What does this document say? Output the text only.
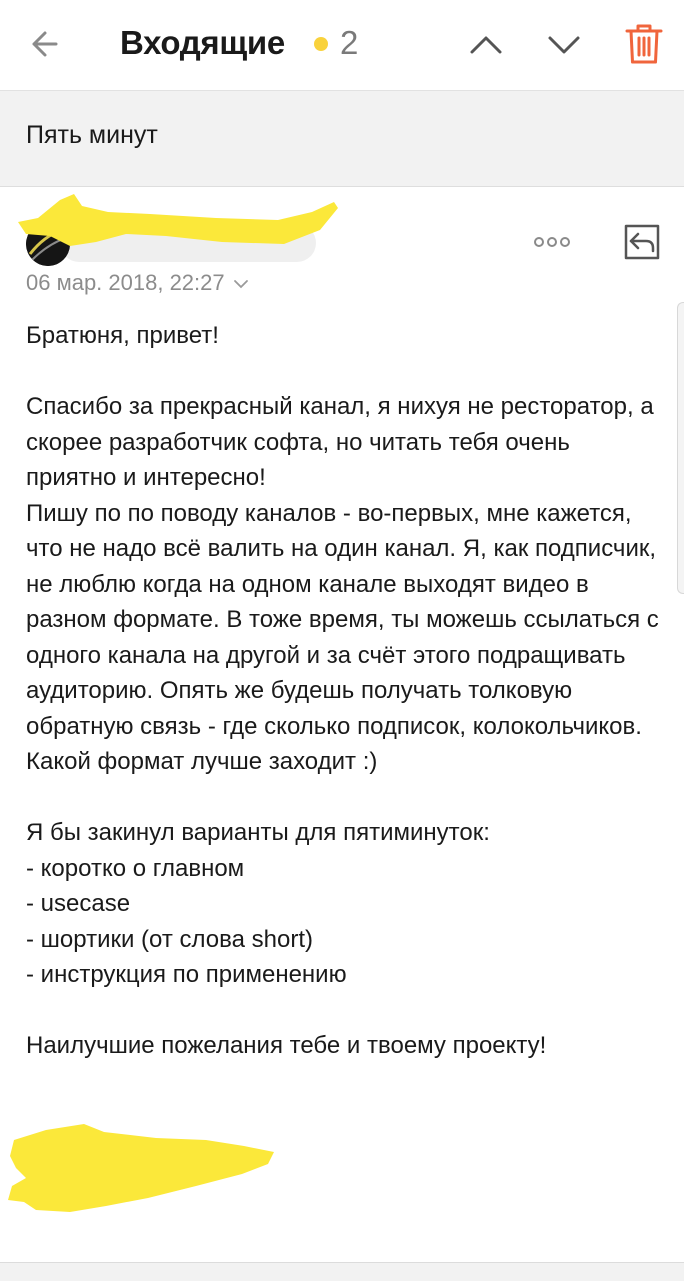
Входящие 2
Пять минут
06 мар. 2018, 22:27

Братюня, привет!

Спасибо за прекрасный канал, я нихуя не ресторатор, а скорее разработчик софта, но читать тебя очень приятно и интересно!

Пишу по по поводу каналов - во-первых, мне кажется, что не надо всё валить на один канал. Я, как подписчик, не люблю когда на одном канале выходят видео в разном формате. В тоже время, ты можешь ссылаться с одного канала на другой и за счёт этого подращивать аудиторию. Опять же будешь получать толковую обратную связь - где сколько подписок, колокольчиков. Какой формат лучше заходит :)

Я бы закинул варианты для пятиминуток:

- коротко о главном

- usecase

- шортики (от слова short)

- инструкция по применению

Наилучшие пожелания тебе и твоему проекту!
